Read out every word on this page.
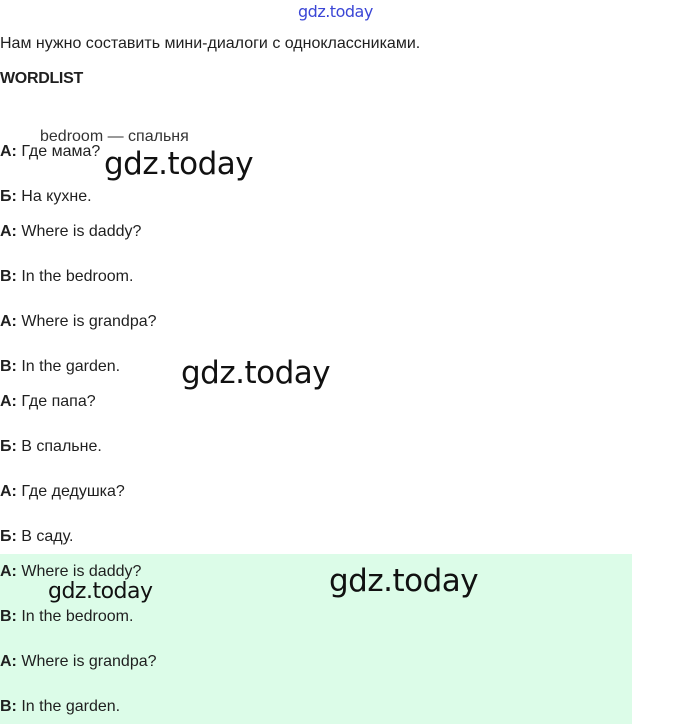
gdz.today
Нам нужно составить мини-диалоги с одноклассниками.
WORDLIST
bedroom — спальня
А: Где мама?
Б: На кухне.
A: Where is daddy?
B: In the bedroom.
A: Where is grandpa?
B: In the garden.
А: Где папа?
Б: В спальне.
А: Где дедушка?
Б: В саду.
A: Where is daddy?
B: In the bedroom.
A: Where is grandpa?
B: In the garden.
gdz.today
gdz.today
gdz.today
gdz.today
